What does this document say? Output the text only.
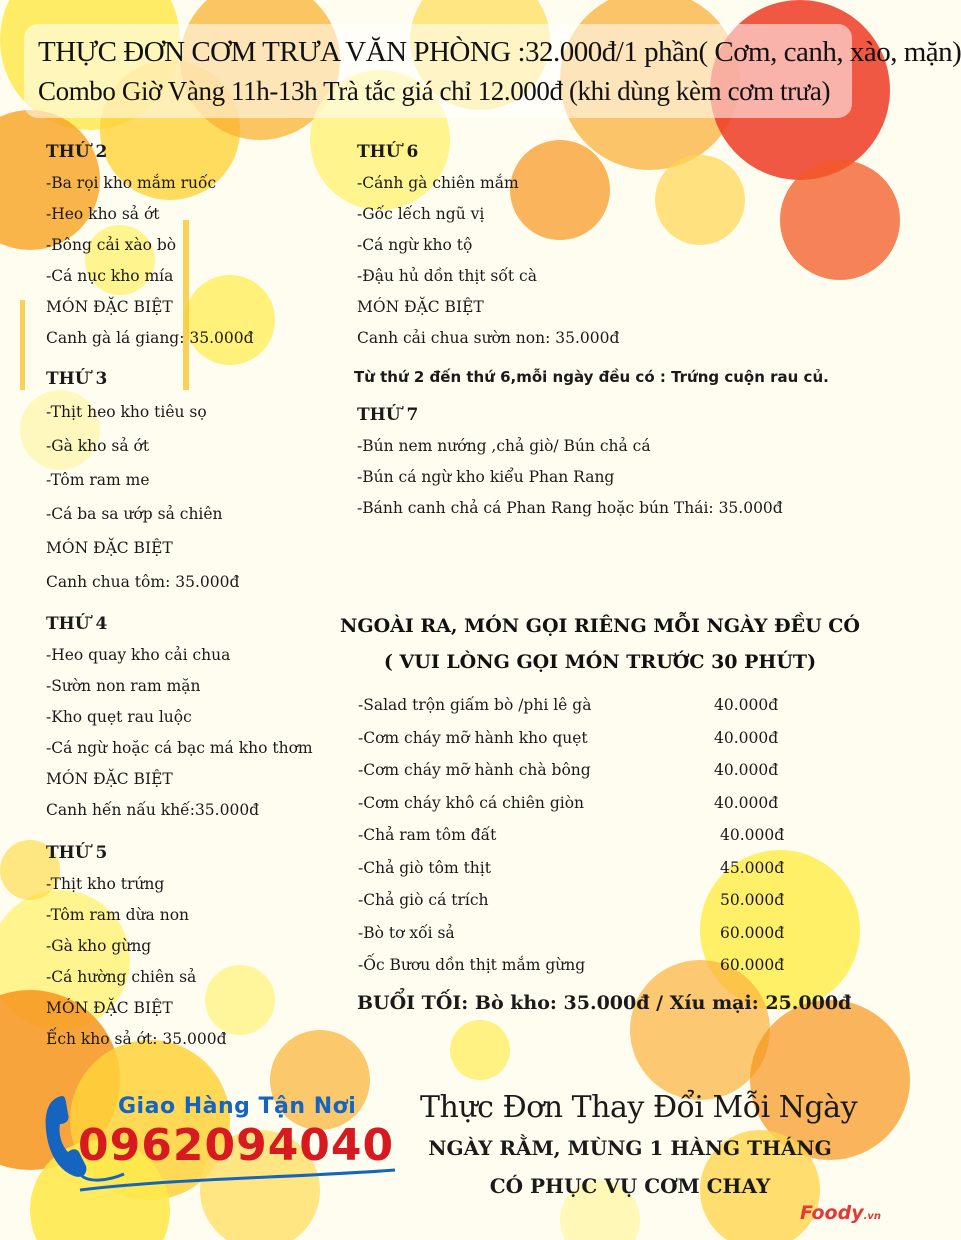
THỰC ĐƠN CƠM TRƯA VĂN PHÒNG :32.000đ/1 phần( Cơm, canh, xào, mặn)
Combo Giờ Vàng 11h-13h Trà tắc giá chỉ 12.000đ (khi dùng kèm cơm trưa)
THỨ 2
-Ba rọi kho mắm ruốc
-Heo kho sả ớt
-Bông cải xào bò
-Cá nục kho mía
MÓN ĐẶC BIỆT
Canh gà lá giang: 35.000đ
THỨ 3
-Thịt heo kho tiêu sọ
-Gà kho sả ớt
-Tôm ram me
-Cá ba sa ướp sả chiên
MÓN ĐẶC BIỆT
Canh chua tôm: 35.000đ
THỨ 4
-Heo quay kho cải chua
-Sườn non ram mặn
-Kho quẹt rau luộc
-Cá ngừ hoặc cá bạc má kho thơm
MÓN ĐẶC BIỆT
Canh hến nấu khế:35.000đ
THỨ 5
-Thịt kho trứng
-Tôm ram dừa non
-Gà kho gừng
-Cá hường chiên sả
MÓN ĐẶC BIỆT
Ếch kho sả ớt: 35.000đ
THỨ 6
-Cánh gà chiên mắm
-Gốc lếch ngũ vị
-Cá ngừ kho tộ
-Đậu hủ dồn thịt sốt cà
MÓN ĐẶC BIỆT
Canh cải chua sườn non: 35.000đ
Từ thứ 2 đến thứ 6,mỗi ngày đều có : Trứng cuộn rau củ.
THỨ 7
-Bún nem nướng ,chả giò/ Bún chả cá
-Bún cá ngừ kho kiểu Phan Rang
-Bánh canh chả cá Phan Rang hoặc bún Thái: 35.000đ
NGOÀI RA, MÓN GỌI RIÊNG MỖI NGÀY ĐỀU CÓ
( VUI LÒNG GỌI MÓN TRƯỚC 30 PHÚT)
-Salad trộn giấm bò /phi lê gà	40.000đ
-Cơm cháy mỡ hành kho quẹt	40.000đ
-Cơm cháy mỡ hành chà bông	40.000đ
-Cơm cháy khô cá chiên giòn	40.000đ
-Chả ram tôm đất	40.000đ
-Chả giò tôm thịt	45.000đ
-Chả giò cá trích	50.000đ
-Bò tơ xối sả	60.000đ
-Ốc Bươu dồn thịt mắm gừng	60.000đ
BUỔI TỐI: Bò kho: 35.000đ / Xíu mại: 25.000đ
Giao Hàng Tận Nơi
0962094040
Thực Đơn Thay Đổi Mỗi Ngày
NGÀY RẰM, MÙNG 1 HÀNG THÁNG
CÓ PHỤC VỤ CƠM CHAY
Foody.vn
